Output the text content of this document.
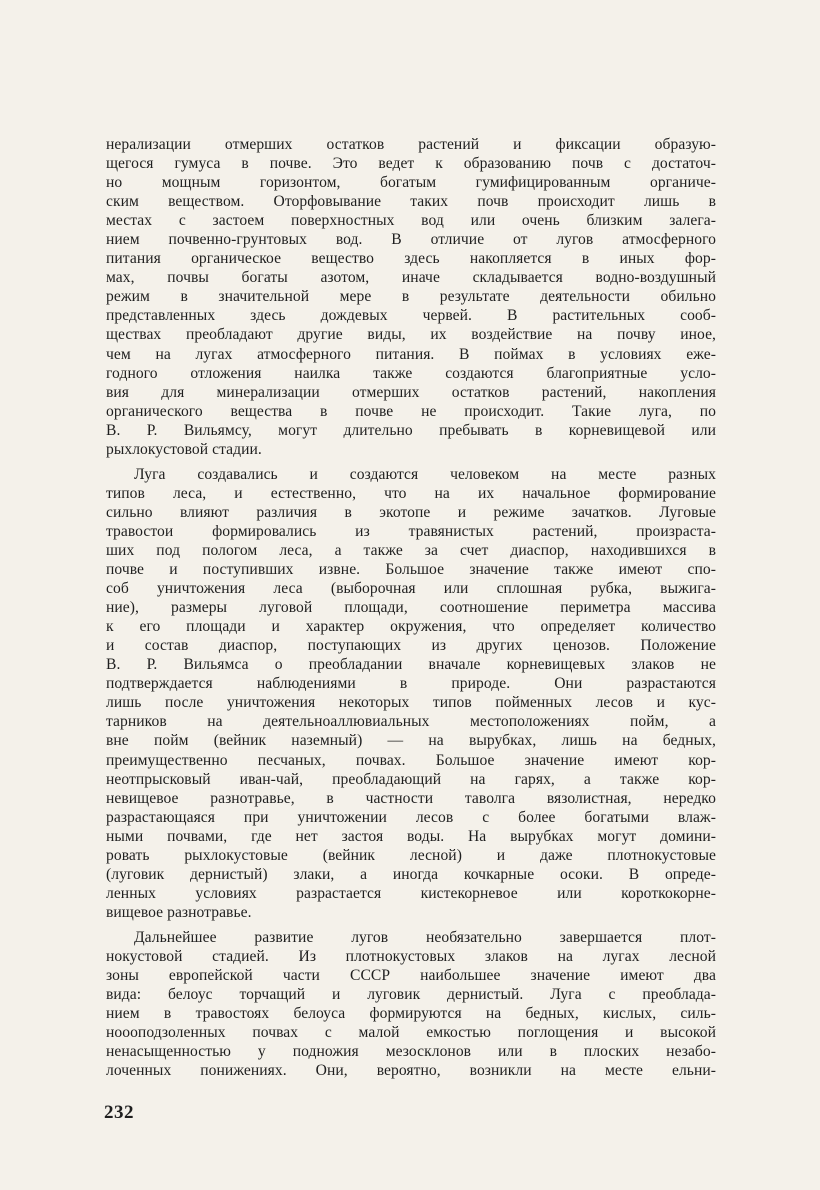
нерализации отмерших остатков растений и фиксации образую-
щегося гумуса в почве. Это ведет к образованию почв с достаточ-
но мощным горизонтом, богатым гумифицированным органиче-
ским веществом. Оторфовывание таких почв происходит лишь в
местах с застоем поверхностных вод или очень близким залега-
нием почвенно-грунтовых вод. В отличие от лугов атмосферного
питания органическое вещество здесь накопляется в иных фор-
мах, почвы богаты азотом, иначе складывается водно-воздушный
режим в значительной мере в результате деятельности обильно
представленных здесь дождевых червей. В растительных сооб-
ществах преобладают другие виды, их воздействие на почву иное,
чем на лугах атмосферного питания. В поймах в условиях еже-
годного отложения наилка также создаются благоприятные усло-
вия для минерализации отмерших остатков растений, накопления
органического вещества в почве не происходит. Такие луга, по
В. Р. Вильямсу, могут длительно пребывать в корневищевой или
рыхлокустовой стадии.
Луга создавались и создаются человеком на месте разных
типов леса, и естественно, что на их начальное формирование
сильно влияют различия в экотопе и режиме зачатков. Луговые
травостои формировались из травянистых растений, произраста-
ших под пологом леса, а также за счет диаспор, находившихся в
почве и поступивших извне. Большое значение также имеют спо-
соб уничтожения леса (выборочная или сплошная рубка, выжига-
ние), размеры луговой площади, соотношение периметра массива
к его площади и характер окружения, что определяет количество
и состав диаспор, поступающих из других ценозов. Положение
В. Р. Вильямса о преобладании вначале корневищевых злаков не
подтверждается наблюдениями в природе. Они разрастаются
лишь после уничтожения некоторых типов пойменных лесов и кус-
тарников на деятельноаллювиальных местоположениях пойм, а
вне пойм (вейник наземный) — на вырубках, лишь на бедных,
преимущественно песчаных, почвах. Большое значение имеют кор-
неотпрысковый иван-чай, преобладающий на гарях, а также кор-
невищевое разнотравье, в частности таволга вязолистная, нередко
разрастающаяся при уничтожении лесов с более богатыми влаж-
ными почвами, где нет застоя воды. На вырубках могут домини-
ровать рыхлокустовые (вейник лесной) и даже плотнокустовые
(луговик дернистый) злаки, а иногда кочкарные осоки. В опреде-
ленных условиях разрастается кистекорневое или короткокорне-
вищевое разнотравье.
Дальнейшее развитие лугов необязательно завершается плот-
нокустовой стадией. Из плотнокустовых злаков на лугах лесной
зоны европейской части СССР наибольшее значение имеют два
вида: белоус торчащий и луговик дернистый. Луга с преоблада-
нием в травостоях белоуса формируются на бедных, кислых, силь-
ноооподзоленных почвах с малой емкостью поглощения и высокой
ненасыщенностью у подножия мезосклонов или в плоских незабо-
лоченных понижениях. Они, вероятно, возникли на месте ельни-
232
